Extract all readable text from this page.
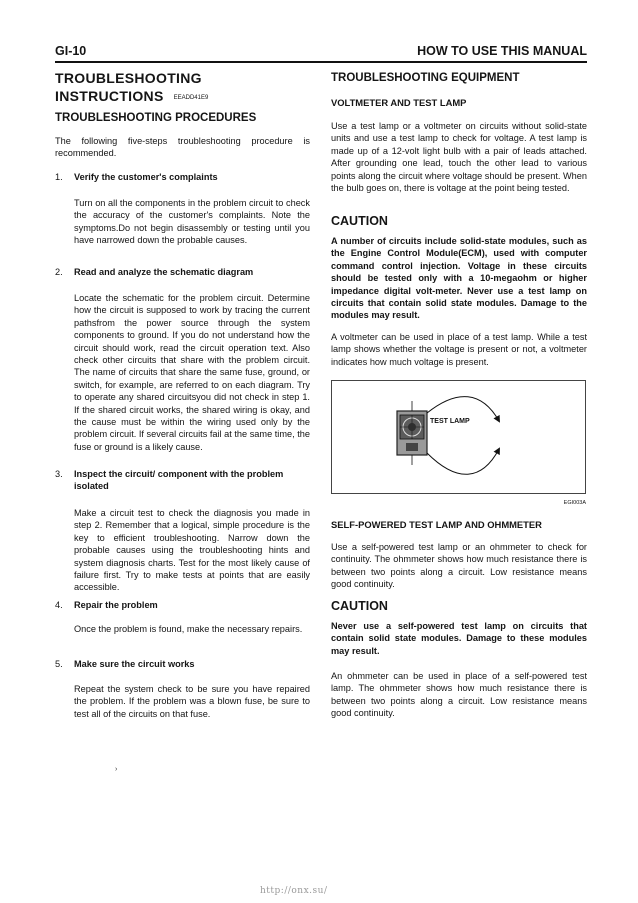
GI-10	HOW TO USE THIS MANUAL
TROUBLESHOOTING
INSTRUCTIONS EEADD41E9
TROUBLESHOOTING PROCEDURES
The following five-steps troubleshooting procedure is recommended.
1. Verify the customer's complaints
Turn on all the components in the problem circuit to check the accuracy of the customer's complaints. Note the symptoms.Do not begin disassembly or testing until you have narrowed down the probable causes.
2. Read and analyze the schematic diagram
Locate the schematic for the problem circuit. Determine how the circuit is supposed to work by tracing the current pathsfrom the power source through the system components to ground. If you do not understand how the circuit should work, read the circuit operation text. Also check other circuits that share with the problem circuit. The name of circuits that share the same fuse, ground, or switch, for example, are referred to on each diagram. Try to operate any shared circuitsyou did not check in step 1. If the shared circuit works, the shared wiring is okay, and the cause must be within the wiring used only by the problem circuit. If several circuits fail at the same time, the fuse or ground is a likely cause.
3. Inspect the circuit/ component with the problem
isolated
Make a circuit test to check the diagnosis you made in step 2. Remember that a logical, simple procedure is the key to efficient troubleshooting. Narrow down the probable causes using the troubleshooting hints and system diagnosis charts. Test for the most likely cause of failure first. Try to make tests at points that are easily accessible.
4. Repair the problem
Once the problem is found, make the necessary repairs.
5. Make sure the circuit works
Repeat the system check to be sure you have repaired the problem. If the problem was a blown fuse, be sure to test all of the circuits on that fuse.
TROUBLESHOOTING EQUIPMENT
VOLTMETER AND TEST LAMP
Use a test lamp or a voltmeter on circuits without solid-state units and use a test lamp to check for voltage. A test lamp is made up of a 12-volt light bulb with a pair of leads attached. After grounding one lead, touch the other lead to various points along the circuit where voltage should be present. When the bulb goes on, there is voltage at the point being tested.
CAUTION
A number of circuits include solid-state modules, such as the Engine Control Module(ECM), used with computer command control injection. Voltage in these circuits should be tested only with a 10-megaohm or higher impedance digital volt-meter. Never use a test lamp on circuits that contain solid state modules. Damage to the modules may result.
A voltmeter can be used in place of a test lamp. While a test lamp shows whether the voltage is present or not, a voltmeter indicates how much voltage is present.
TEST LAMP
EGI003A
SELF-POWERED TEST LAMP AND OHMMETER
Use a self-powered test lamp or an ohmmeter to check for continuity. The ohmmeter shows how much resistance there is between two points along a circuit. Low resistance means good continuity.
CAUTION
Never use a self-powered test lamp on circuits that contain solid state modules. Damage to these modules may result.
An ohmmeter can be used in place of a self-powered test lamp. The ohmmeter shows how much resistance there is between two points along a circuit. Low resistance means good continuity.
›
http://onx.su/
